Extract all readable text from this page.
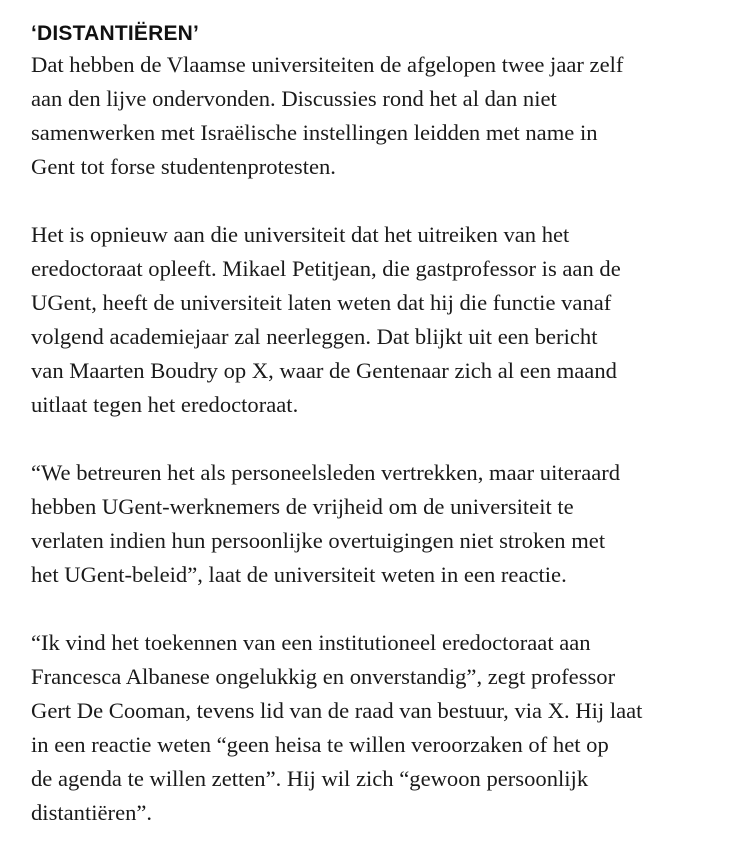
‘DISTANTIËREN’
Dat hebben de Vlaamse universiteiten de afgelopen twee jaar zelf
aan den lijve ondervonden. Discussies rond het al dan niet
samenwerken met Israëlische instellingen leidden met name in
Gent tot forse studentenprotesten.
Het is opnieuw aan die universiteit dat het uitreiken van het
eredoctoraat opleeft. Mikael Petitjean, die gastprofessor is aan de
UGent, heeft de universiteit laten weten dat hij die functie vanaf
volgend academiejaar zal neerleggen. Dat blijkt uit een bericht
van Maarten Boudry op X, waar de Gentenaar zich al een maand
uitlaat tegen het eredoctoraat.
“We betreuren het als personeelsleden vertrekken, maar uiteraard
hebben UGent-werknemers de vrijheid om de universiteit te
verlaten indien hun persoonlijke overtuigingen niet stroken met
het UGent-beleid”, laat de universiteit weten in een reactie.
“Ik vind het toekennen van een institutioneel eredoctoraat aan
Francesca Albanese ongelukkig en onverstandig”, zegt professor
Gert De Cooman, tevens lid van de raad van bestuur, via X. Hij laat
in een reactie weten “geen heisa te willen veroorzaken of het op
de agenda te willen zetten”. Hij wil zich “gewoon persoonlijk
distantiëren”.
